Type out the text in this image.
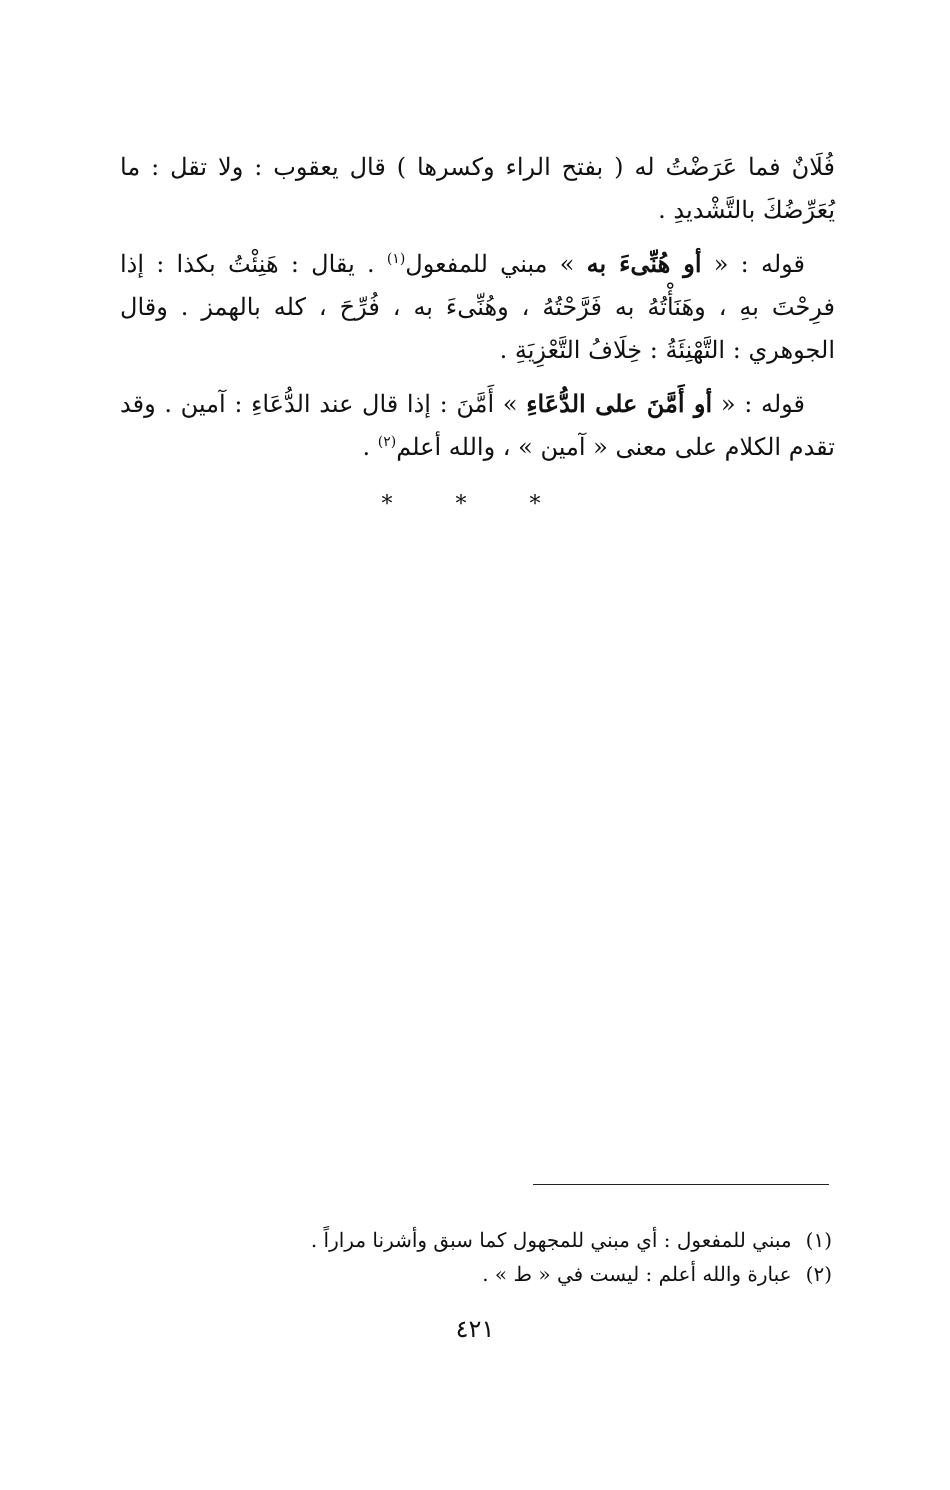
فُلَانٌ فما عَرَضْتُ له ( بفتح الراء وكسرها ) قال يعقوب : ولا تقل : ما يُعَرِّضُكَ بالتَّشْديدِ .

قوله : « أو هُنِّىءَ به » مبني للمفعول$^{(١)}$ . يقال : هَنِئْتُ بكذا : إذا فرِحْتَ بهِ ، وهَنَأْتُهُ به فَرَّحْتُهُ ، وهُنِّىءَ به ، فُرِّحَ ، كله بالهمز . وقال الجوهري : التَّهْنِئَةُ : خِلَافُ التَّعْزِيَةِ .

قوله : « أو أَمَّنَ على الدُّعَاءِ » أَمَّنَ : إذا قال عند الدُّعَاءِ : آمين . وقد تقدم الكلام على معنى « آمين » ، والله أعلم$^{(٢)}$ .

* * *

(١)مبني للمفعول : أي مبني للمجهول كما سبق وأشرنا مراراً .

(٢)عبارة والله أعلم : ليست في « ط » .

٤٢١
